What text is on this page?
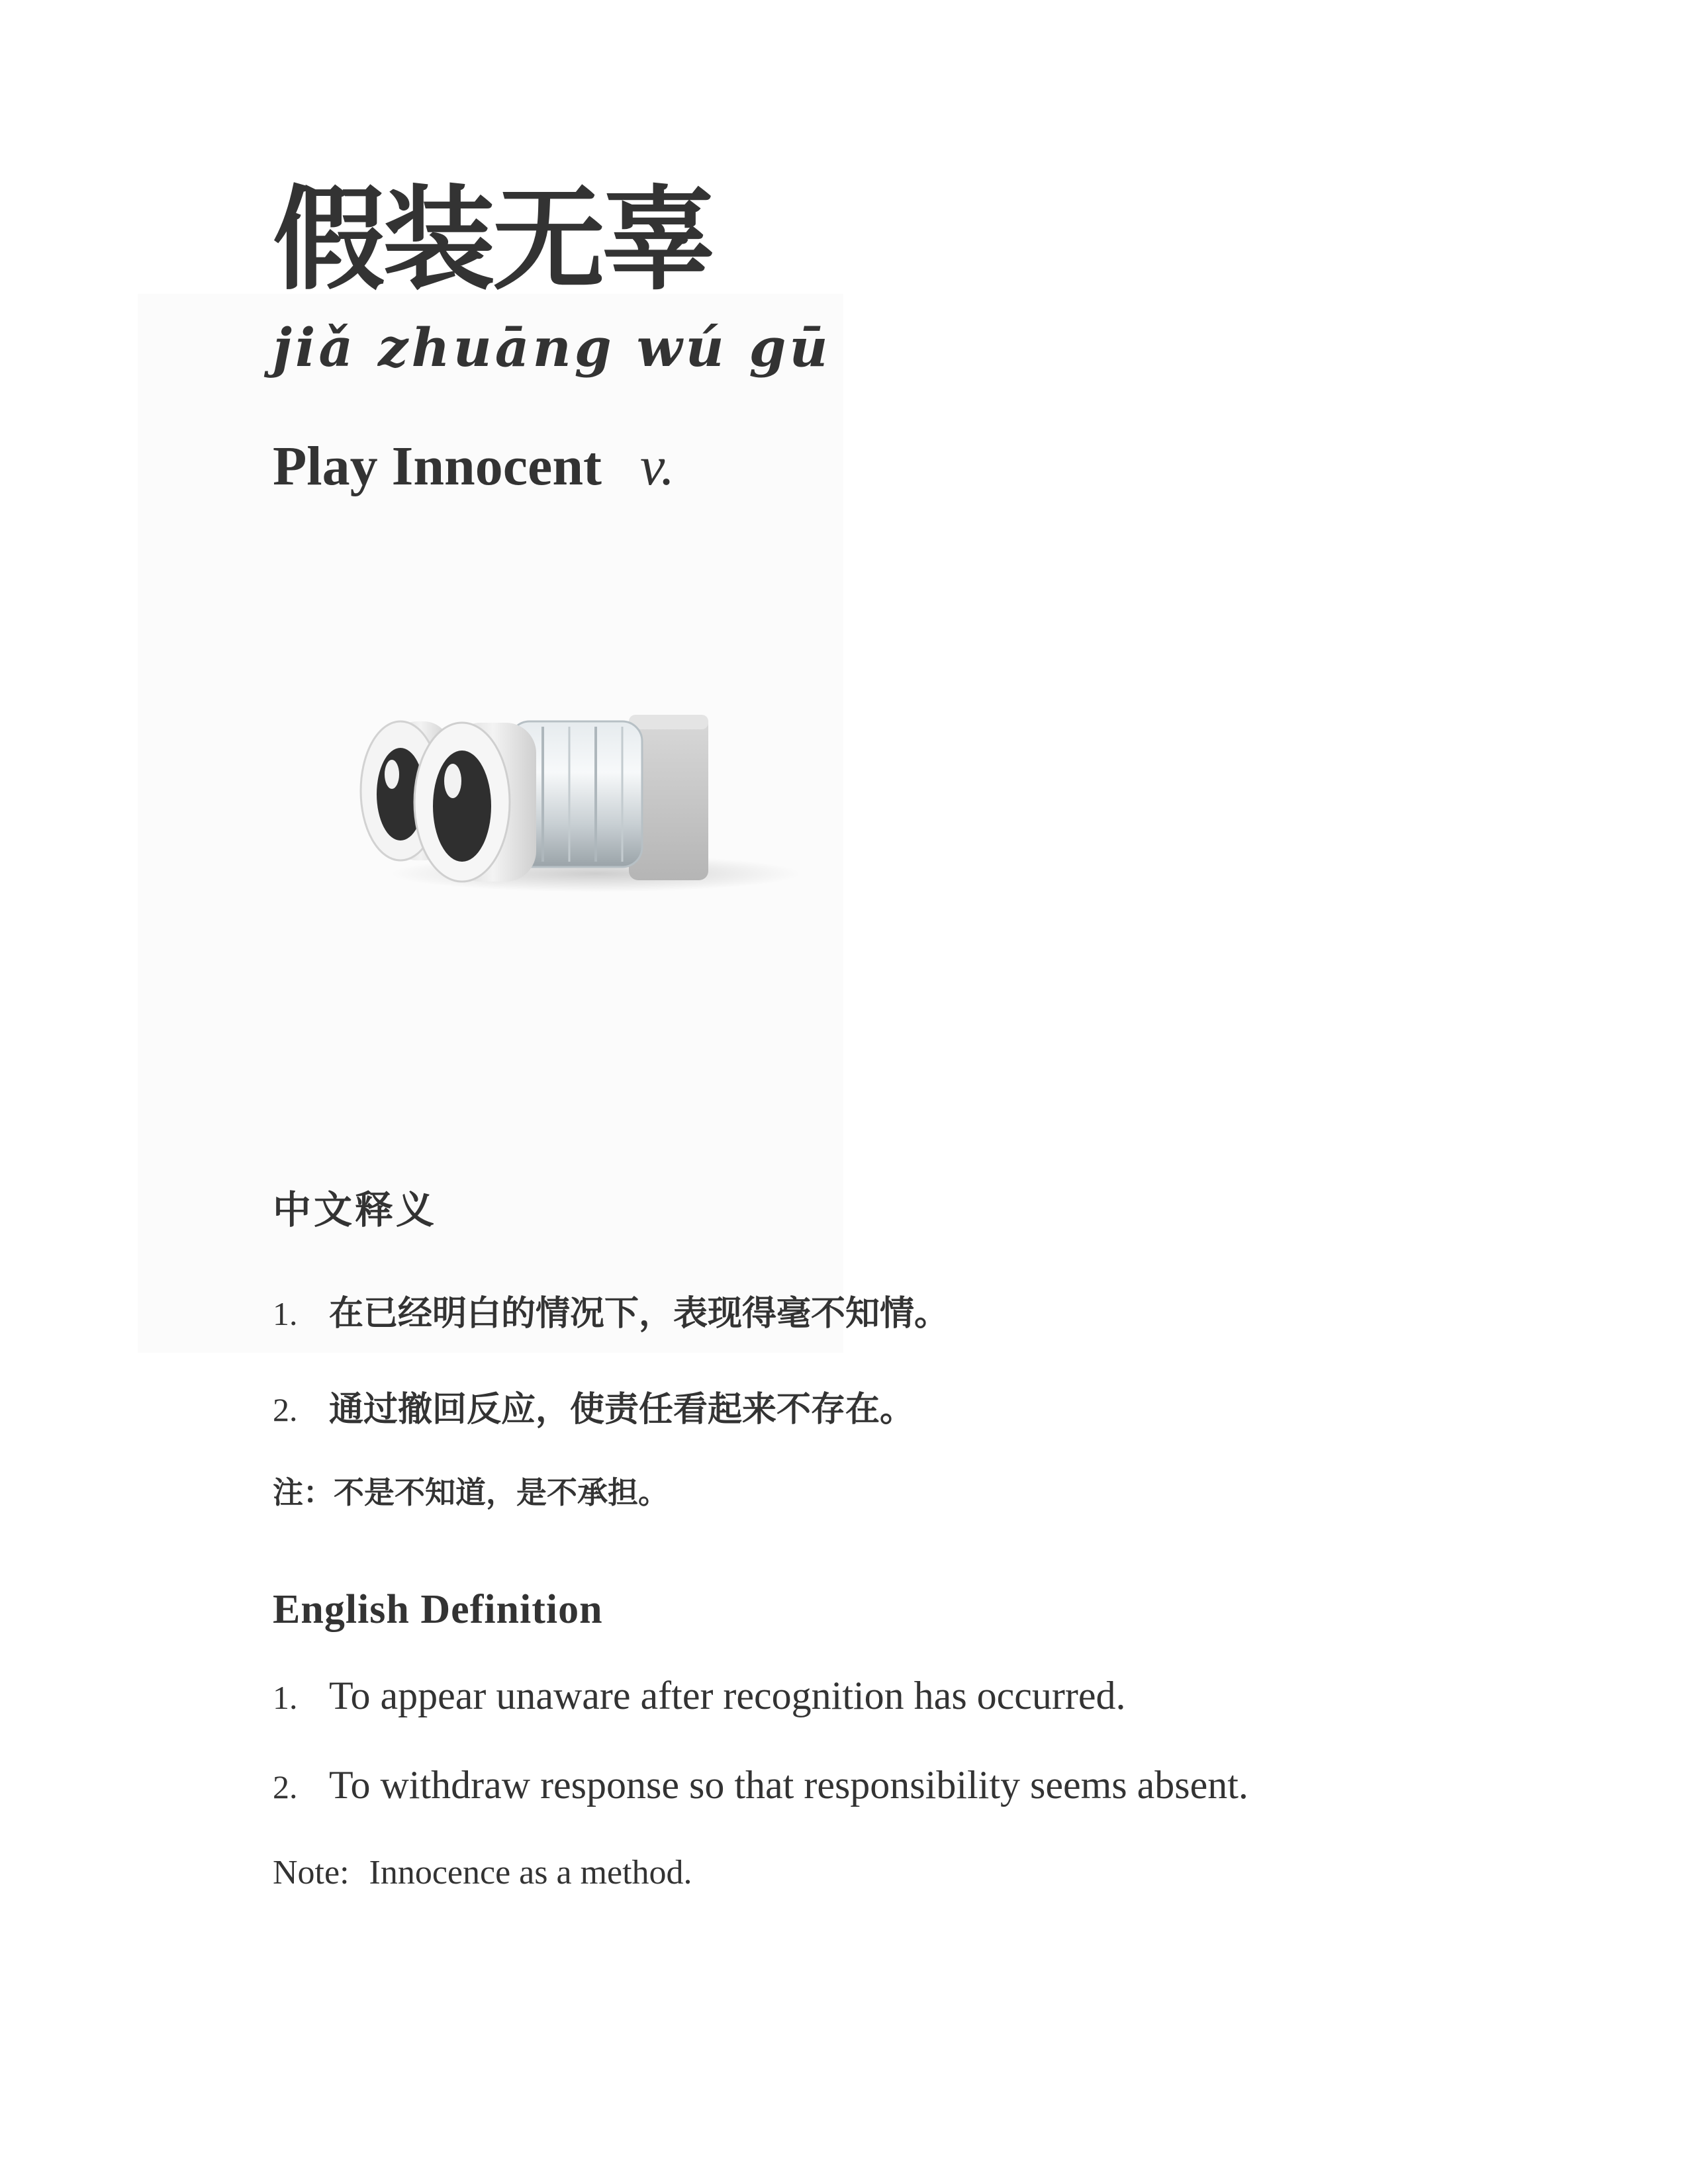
假装无辜
jiǎ zhuāng wú gū
Play Innocent v.
中文释义
1. 在已经明白的情况下，表现得毫不知情。
2. 通过撤回反应，使责任看起来不存在。
注：不是不知道，是不承担。
English Definition
1. To appear unaware after recognition has occurred.
2. To withdraw response so that responsibility seems absent.
Note: Innocence as a method.
